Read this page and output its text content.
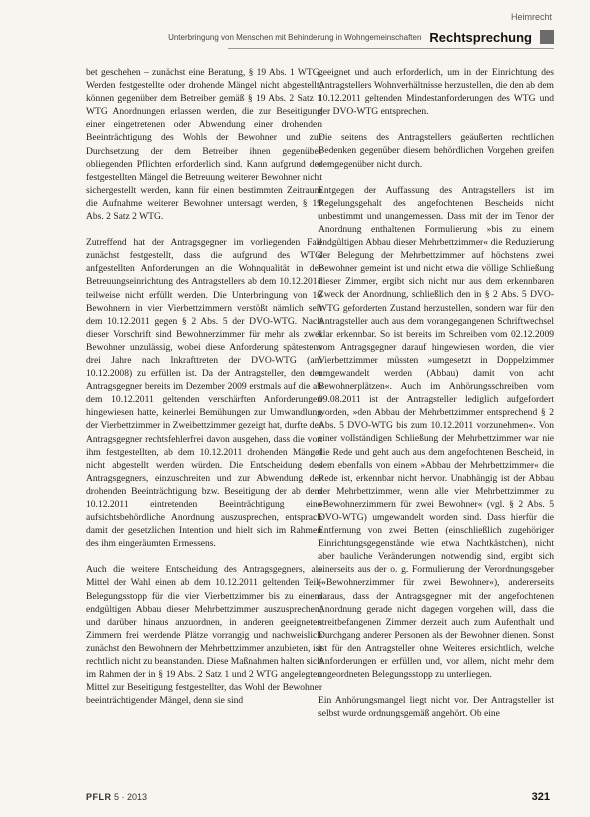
Heimrecht
Unterbringung von Menschen mit Behinderung in Wohngemeinschaften Rechtsprechung

bet geschehen – zunächst eine Beratung, § 19 Abs. 1 WTG. Werden festgestellte oder drohende Mängel nicht abgestellt, können gegenüber dem Betreiber gemäß § 19 Abs. 2 Satz 1 WTG Anordnungen erlassen werden, die zur Beseitigung einer eingetretenen oder Abwendung einer drohenden Beeinträchtigung des Wohls der Bewohner und zur Durchsetzung der dem Betreiber ihnen gegenüber obliegenden Pflichten erforderlich sind. Kann aufgrund der festgestellten Mängel die Betreuung weiterer Bewohner nicht sichergestellt werden, kann für einen bestimmten Zeitraum die Aufnahme weiterer Bewohner untersagt werden, § 19 Abs. 2 Satz 2 WTG.

Zutreffend hat der Antragsgegner im vorliegenden Fall zunächst festgestellt, dass die aufgrund des WTG anfgestellten Anforderungen an die Wohnqualität in der Betreuungseinrichtung des Antragstellers ab dem 10.12.2011 teilweise nicht erfüllt werden. Die Unterbringung von 16 Bewohnern in vier Vierbettzimmern verstößt nämlich seit dem 10.12.2011 gegen § 2 Abs. 5 der DVO-WTG. Nach dieser Vorschrift sind Bewohnerzimmer für mehr als zwei Bewohner unzulässig, wobei diese Anforderung spätestens drei Jahre nach Inkrafttreten der DVO-WTG (am 10.12.2008) zu erfüllen ist. Da der Antragsteller, den der Antragsgegner bereits im Dezember 2009 erstmals auf die ab dem 10.12.2011 geltenden verschärften Anforderungen hingewiesen hatte, keinerlei Bemühungen zur Umwandlung der Vierbettzimmer in Zweibettzimmer gezeigt hat, durfte der Antragsgegner rechtsfehlerfrei davon ausgehen, dass die von ihm festgestellten, ab dem 10.12.2011 drohenden Mängel nicht abgestellt werden würden. Die Entscheidung des Antragsgegners, einzuschreiten und zur Abwendung der drohenden Beeinträchtigung bzw. Beseitigung der ab dem 10.12.2011 eintretenden Beeinträchtigung eine aufsichtsbehördliche Anordnung auszusprechen, entsprach damit der gesetzlichen Intention und hielt sich im Rahmen des ihm eingeräumten Ermessens.

Auch die weitere Entscheidung des Antragsgegners, als Mittel der Wahl einen ab dem 10.12.2011 geltenden Teil-Belegungsstopp für die vier Vierbettzimmer bis zu einem endgültigen Abbau dieser Mehrbettzimmer auszusprechen, und darüber hinaus anzuordnen, in anderen geeigneten Zimmern frei werdende Plätze vorrangig und nachweislich zunächst den Bewohnern der Mehrbettzimmer anzubieten, ist rechtlich nicht zu beanstanden. Diese Maßnahmen halten sich im Rahmen der in § 19 Abs. 2 Satz 1 und 2 WTG angelegten Mittel zur Beseitigung festgestellter, das Wohl der Bewohner beeinträchtigender Mängel, denn sie sind

geeignet und auch erforderlich, um in der Einrichtung des Antragstellers Wohnverhältnisse herzustellen, die den ab dem 10.12.2011 geltenden Mindestanforderungen des WTG und der DVO-WTG entsprechen.

Die seitens des Antragstellers geäußerten rechtlichen Bedenken gegenüber diesem behördlichen Vorgehen greifen demgegenüber nicht durch.

Entgegen der Auffassung des Antragstellers ist im Regelungsgehalt des angefochtenen Bescheids nicht unbestimmt und unangemessen. Dass mit der im Tenor der Anordnung enthaltenen Formulierung »bis zu einem endgültigen Abbau dieser Mehrbettzimmer« die Reduzierung der Belegung der Mehrbettzimmer auf höchstens zwei Bewohner gemeint ist und nicht etwa die völlige Schließung dieser Zimmer, ergibt sich nicht nur aus dem erkennbaren Zweck der Anordnung, schließlich den in § 2 Abs. 5 DVO-WTG geforderten Zustand herzustellen, sondern war für den Antragsteller auch aus dem vorangegangenen Schriftwechsel klar erkennbar. So ist bereits im Schreiben vom 02.12.2009 vom Antragsgegner darauf hingewiesen worden, die vier Vierbettzimmer müssten »umgesetzt in Doppelzimmer umgewandelt werden (Abbau) damit von acht Bewohnerplätzen«. Auch im Anhörungsschreiben vom 09.08.2011 ist der Antragsteller lediglich aufgefordert worden, »den Abbau der Mehrbettzimmer entsprechend § 2 Abs. 5 DVO-WTG bis zum 10.12.2011 vorzunehmen«. Von einer vollständigen Schließung der Mehrbettzimmer war nie die Rede und geht auch aus dem angefochtenen Bescheid, in dem ebenfalls von einem »Abbau der Mehrbettzimmer« die Rede ist, erkennbar nicht hervor. Unabhängig ist der Abbau der Mehrbettzimmer, wenn alle vier Mehrbettzimmer zu »Bewohnerzimmern für zwei Bewohner« (vgl. § 2 Abs. 5 DVO-WTG) umgewandelt worden sind. Dass hierfür die Entfernung von zwei Betten (einschließlich zugehöriger Einrichtungsgegenstände wie etwa Nachtkästchen), nicht aber bauliche Veränderungen notwendig sind, ergibt sich einerseits aus der o. g. Formulierung der Verordnungsgeber (»Bewohnerzimmer für zwei Bewohner«), andererseits daraus, dass der Antragsgegner mit der angefochtenen Anordnung gerade nicht dagegen vorgehen will, dass die streitbefangenen Zimmer derzeit auch zum Aufenthalt und Durchgang anderer Personen als der Bewohner dienen. Sonst ist für den Antragsteller ohne Weiteres ersichtlich, welche Anforderungen er erfüllen und, vor allem, nicht mehr dem angeordneten Belegungsstopp zu unterliegen.

Ein Anhörungsmangel liegt nicht vor. Der Antragsteller ist selbst wurde ordnungsgemäß angehört. Ob eine

PFLR 5 · 2013	321
